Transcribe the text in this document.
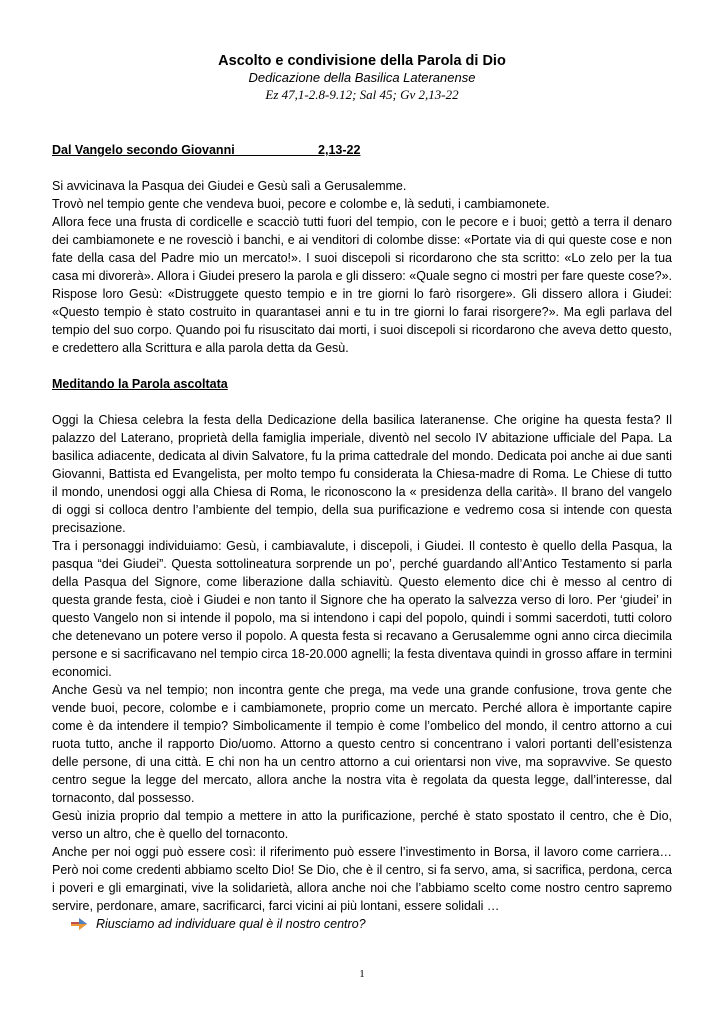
Ascolto e condivisione della Parola di Dio
Dedicazione della Basilica Lateranense
Ez 47,1-2.8-9.12; Sal 45; Gv 2,13-22
Dal Vangelo secondo Giovanni                        2,13-22
Si avvicinava la Pasqua dei Giudei e Gesù salì a Gerusalemme.
Trovò nel tempio gente che vendeva buoi, pecore e colombe e, là seduti, i cambiamonete.
Allora fece una frusta di cordicelle e scacciò tutti fuori del tempio, con le pecore e i buoi; gettò a terra il denaro dei cambiamonete e ne rovesciò i banchi, e ai venditori di colombe disse: «Portate via di qui queste cose e non fate della casa del Padre mio un mercato!». I suoi discepoli si ricordarono che sta scritto: «Lo zelo per la tua casa mi divorerà». Allora i Giudei presero la parola e gli dissero: «Quale segno ci mostri per fare queste cose?». Rispose loro Gesù: «Distruggete questo tempio e in tre giorni lo farò risorgere». Gli dissero allora i Giudei: «Questo tempio è stato costruito in quarantasei anni e tu in tre giorni lo farai risorgere?». Ma egli parlava del tempio del suo corpo. Quando poi fu risuscitato dai morti, i suoi discepoli si ricordarono che aveva detto questo, e credettero alla Scrittura e alla parola detta da Gesù.
Meditando la Parola ascoltata
Oggi la Chiesa celebra la festa della Dedicazione della basilica lateranense. Che origine ha questa festa? Il palazzo del Laterano, proprietà della famiglia imperiale, diventò nel secolo IV abitazione ufficiale del Papa. La basilica adiacente, dedicata al divin Salvatore, fu la prima cattedrale del mondo. Dedicata poi anche ai due santi Giovanni, Battista ed Evangelista, per molto tempo fu considerata la Chiesa-madre di Roma. Le Chiese di tutto il mondo, unendosi oggi alla Chiesa di Roma, le riconoscono la « presidenza della carità». Il brano del vangelo di oggi si colloca dentro l’ambiente del tempio, della sua purificazione e vedremo cosa si intende con questa precisazione.
Tra i personaggi individuiamo: Gesù, i cambiavalute, i discepoli, i Giudei. Il contesto è quello della Pasqua, la pasqua “dei Giudei”. Questa sottolineatura sorprende un po’, perché guardando all’Antico Testamento si parla della Pasqua del Signore, come liberazione dalla schiavitù. Questo elemento dice chi è messo al centro di questa grande festa, cioè i Giudei e non tanto il Signore che ha operato la salvezza verso di loro. Per ‘giudei’ in questo Vangelo non si intende il popolo, ma si intendono i capi del popolo, quindi i sommi sacerdoti, tutti coloro che detenevano un potere verso il popolo. A questa festa si recavano a Gerusalemme ogni anno circa diecimila persone e si sacrificavano nel tempio circa 18-20.000 agnelli; la festa diventava quindi in grosso affare in termini economici.
Anche Gesù va nel tempio; non incontra gente che prega, ma vede una grande confusione, trova gente che vende buoi, pecore, colombe e i cambiamonete, proprio come un mercato. Perché allora è importante capire come è da intendere il tempio? Simbolicamente il tempio è come l’ombelico del mondo, il centro attorno a cui ruota tutto, anche il rapporto Dio/uomo. Attorno a questo centro si concentrano i valori portanti dell’esistenza delle persone, di una città. E chi non ha un centro attorno a cui orientarsi non vive, ma sopravvive. Se questo centro segue la legge del mercato, allora anche la nostra vita è regolata da questa legge, dall’interesse, dal tornaconto, dal possesso.
Gesù inizia proprio dal tempio a mettere in atto la purificazione, perché è stato spostato il centro, che è Dio, verso un altro, che è quello del tornaconto.
Anche per noi oggi può essere così: il riferimento può essere l’investimento in Borsa, il lavoro come carriera… Però noi come credenti abbiamo scelto Dio! Se Dio, che è il centro, si fa servo, ama, si sacrifica, perdona, cerca i poveri e gli emarginati, vive la solidarietà, allora anche noi che l’abbiamo scelto come nostro centro sapremo servire, perdonare, amare, sacrificarci, farci vicini ai più lontani, essere solidali …
Riusciamo ad individuare qual è il nostro centro?
1
